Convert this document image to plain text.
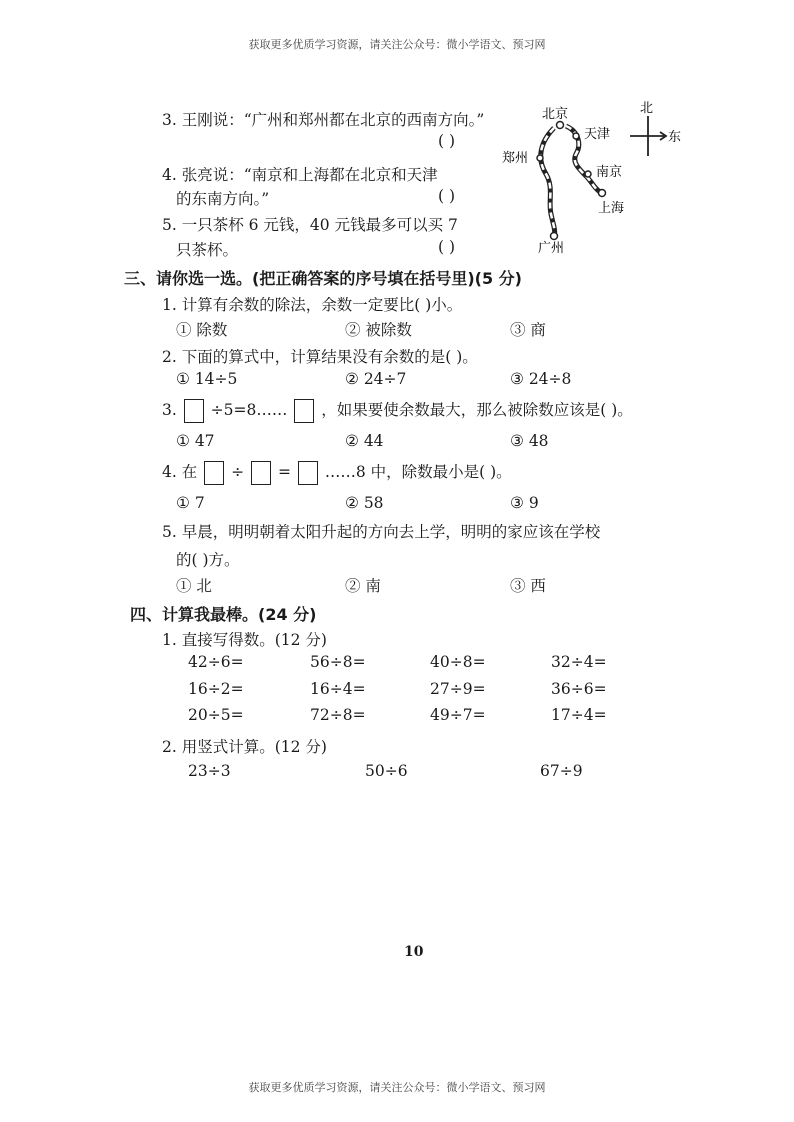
获取更多优质学习资源，请关注公众号：微小学语文、预习网
获取更多优质学习资源，请关注公众号：微小学语文、预习网
3. 王刚说：“广州和郑州都在北京的西南方向。”
( )
4. 张亮说：“南京和上海都在北京和天津
的东南方向。”	( )
5. 一只茶杯 6 元钱，40 元钱最多可以买 7
只茶杯。	( )
北京
天津
郑州
南京
上海
广州
北
东
三、请你选一选。(把正确答案的序号填在括号里)(5 分)
1. 计算有余数的除法，余数一定要比( )小。
① 除数	② 被除数	③ 商
2. 下面的算式中，计算结果没有余数的是( )。
① 14÷5	② 24÷7	③ 24÷8
3. ÷5=8…… ，如果要使余数最大，那么被除数应该是( )。
① 47	② 44	③ 48
4. 在 ÷ = ……8 中，除数最小是( )。
① 7	② 58	③ 9
5. 早晨，明明朝着太阳升起的方向去上学，明明的家应该在学校
的( )方。
① 北	② 南	③ 西
四、计算我最棒。(24 分)
1. 直接写得数。(12 分)
42÷6=	56÷8=	40÷8=	32÷4=
16÷2=	16÷4=	27÷9=	36÷6=
20÷5=	72÷8=	49÷7=	17÷4=
2. 用竖式计算。(12 分)
23÷3	50÷6	67÷9
10
